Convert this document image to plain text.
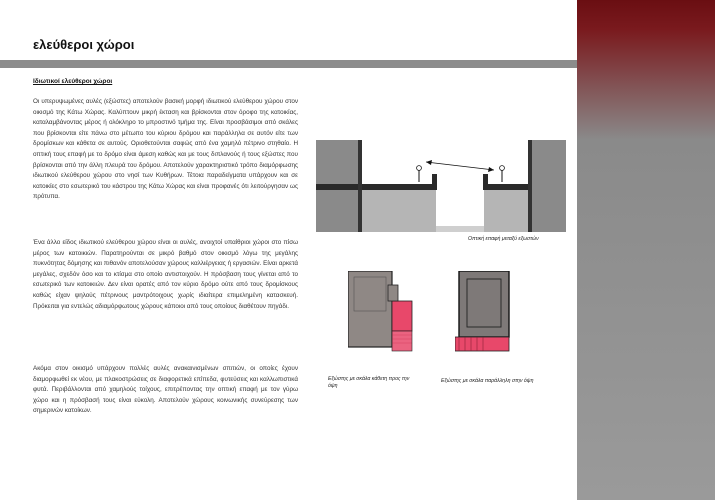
ελεύθεροι χώροι

Ιδιωτικοί ελεύθεροι χώροι

Οι υπερυψωμένες αυλές (εξώστες) αποτελούν βασική μορφή ιδιωτικού ελεύθερου χώρου στον οικισμό της Κάτω Χώρας. Καλύπτουν μικρή έκταση και βρίσκονται στον όροφο της κατοικίας, καταλαμβάνοντας μέρος ή ολόκληρο το μπροστινό τμήμα της. Είναι προσβάσιμοι από σκάλες που βρίσκονται είτε πάνω στο μέτωπο του κύριου δρόμου και παράλληλα σε αυτόν είτε των δρομίσκων και κάθετα σε αυτούς. Οριοθετούνται σαφώς από ένα χαμηλό πέτρινο στηθαίο. Η οπτική τους επαφή με το δρόμο είναι άμεση καθώς και με τους διπλανούς ή τους εξώστες που βρίσκονται από την άλλη πλευρά του δρόμου. Αποτελούν χαρακτηριστικό τρόπο διαμόρφωσης ιδιωτικού ελεύθερου χώρου στο νησί των Κυθήρων. Τέτοια παραδείγματα υπάρχουν και σε κατοικίες στο εσωτερικό του κάστρου της Κάτω Χώρας και είναι προφανές ότι λειτούργησαν ως πρότυπα.

Ένα άλλο είδος ιδιωτικού ελεύθερου χώρου είναι οι αυλές, ανοιχτοί υπαίθριοι χώροι στο πίσω μέρος των κατοικιών. Παρατηρούνται σε μικρό βαθμό στον οικισμό λόγω της μεγάλης πυκνότητας δόμησης και πιθανόν αποτελούσαν χώρους καλλιέργειας ή εργασιών. Είναι αρκετά μεγάλες, σχεδόν όσο και το κτίσμα στο οποίο αντιστοιχούν. Η πρόσβαση τους γίνεται από το εσωτερικό των κατοικιών. Δεν είναι ορατές από τον κύριο δρόμο ούτε από τους δρομίσκους καθώς είχαν ψηλούς πέτρινους μαντρότοιχους χωρίς ιδιαίτερα επιμελημένη κατασκευή. Πρόκειται για εντελώς αδιαμόρφωτους χώρους κάποιοι από τους οποίους διαθέτουν πηγάδι.

Ακόμα στον οικισμό υπάρχουν πολλές αυλές ανακαινισμένων σπιτιών, οι οποίες έχουν διαμορφωθεί εκ νέου, με πλακοστρώσεις σε διαφορετικά επίπεδα, φυτεύσεις και καλλωπιστικά φυτά. Περιβάλλονται από χαμηλούς τοίχους, επιτρέποντας την οπτική επαφή με τον γύρω χώρο και η πρόσβασή τους είναι εύκολη. Αποτελούν χώρους κοινωνικής συνεύρεσης των σημερινών κατοίκων.

Οπτική επαφή μεταξύ εξωστών

Εξώστης με σκάλα κάθετη προς την όψη

Εξώστης με σκάλα παράλληλη στην όψη
